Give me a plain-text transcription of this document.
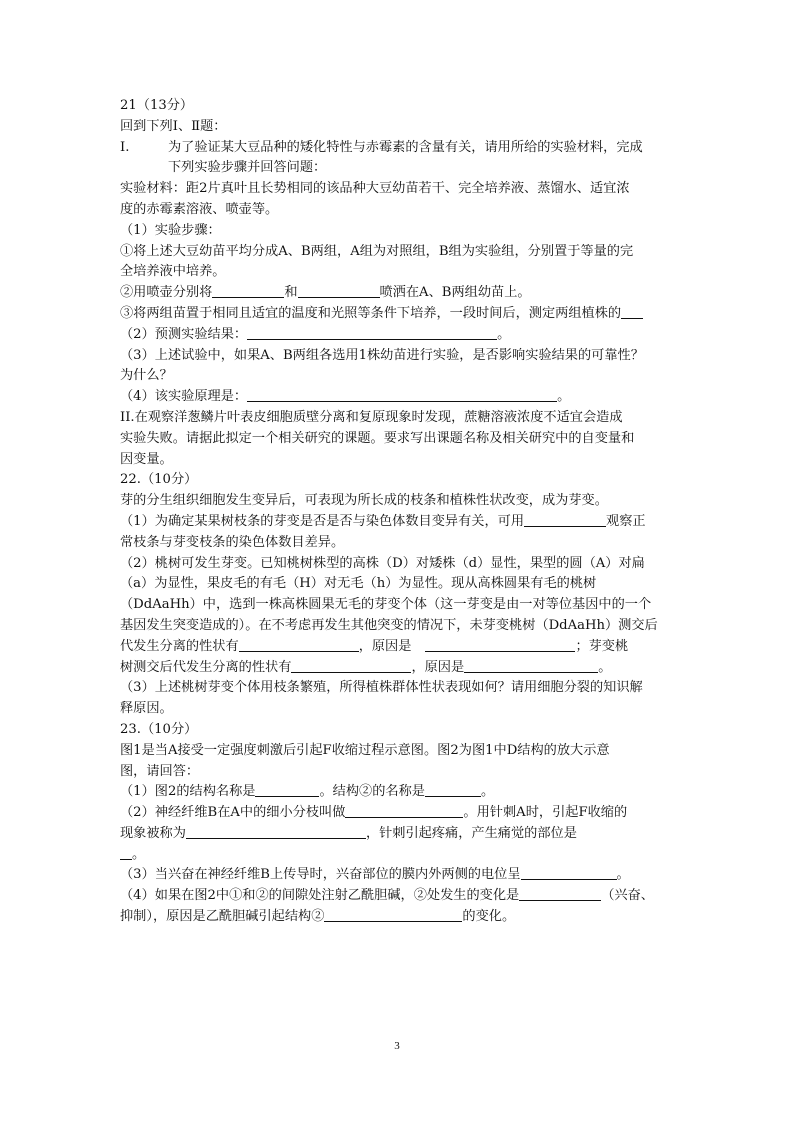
21（13分）

回到下列Ⅰ、Ⅱ题：

Ⅰ.	为了验证某大豆品种的矮化特性与赤霉素的含量有关，请用所给的实验材料，完成

下列实验步骤并回答问题：

实验材料：距2片真叶且长势相同的该品种大豆幼苗若干、完全培养液、蒸馏水、适宜浓

度的赤霉素溶液、喷壶等。

（1）实验步骤：

①将上述大豆幼苗平均分成A、B两组，A组为对照组，B组为实验组，分别置于等量的完

全培养液中培养。

②用喷壶分别将	和	喷洒在A、B两组幼苗上。

③将两组苗置于相同且适宜的温度和光照等条件下培养，一段时间后，测定两组植株的

（2）预测实验结果：	。

（3）上述试验中，如果A、B两组各选用1株幼苗进行实验，是否影响实验结果的可靠性？

为什么？

（4）该实验原理是：	。

II.在观察洋葱鳞片叶表皮细胞质壁分离和复原现象时发现，蔗糖溶液浓度不适宜会造成

实验失败。请据此拟定一个相关研究的课题。要求写出课题名称及相关研究中的自变量和

因变量。

22.（10分）

芽的分生组织细胞发生变异后，可表现为所长成的枝条和植株性状改变，成为芽变。

（1）为确定某果树枝条的芽变是否是否与染色体数目变异有关，可用	观察正

常枝条与芽变枝条的染色体数目差异。

（2）桃树可发生芽变。已知桃树株型的高株（D）对矮株（d）显性，果型的圆（A）对扁

（a）为显性，果皮毛的有毛（H）对无毛（h）为显性。现从高株圆果有毛的桃树

（DdAaHh）中，选到一株高株圆果无毛的芽变个体（这一芽变是由一对等位基因中的一个

基因发生突变造成的）。在不考虑再发生其他突变的情况下，未芽变桃树（DdAaHh）测交后

代发生分离的性状有	，原因是	；芽变桃

树测交后代发生分离的性状有	，原因是	。

（3）上述桃树芽变个体用枝条繁殖，所得植株群体性状表现如何？请用细胞分裂的知识解

释原因。

23.（10分）

图1是当A接受一定强度刺激后引起F收缩过程示意图。图2为图1中D结构的放大示意

图，请回答：

（1）图2的结构名称是	。结构②的名称是	。

（2）神经纤维B在A中的细小分枝叫做	。用针刺A时，引起F收缩的

现象被称为	，针刺引起疼痛，产生痛觉的部位是

。

（3）当兴奋在神经纤维B上传导时，兴奋部位的膜内外两侧的电位呈	。

（4）如果在图2中①和②的间隙处注射乙酰胆碱，②处发生的变化是	（兴奋、

抑制），原因是乙酰胆碱引起结构②	的变化。

3
